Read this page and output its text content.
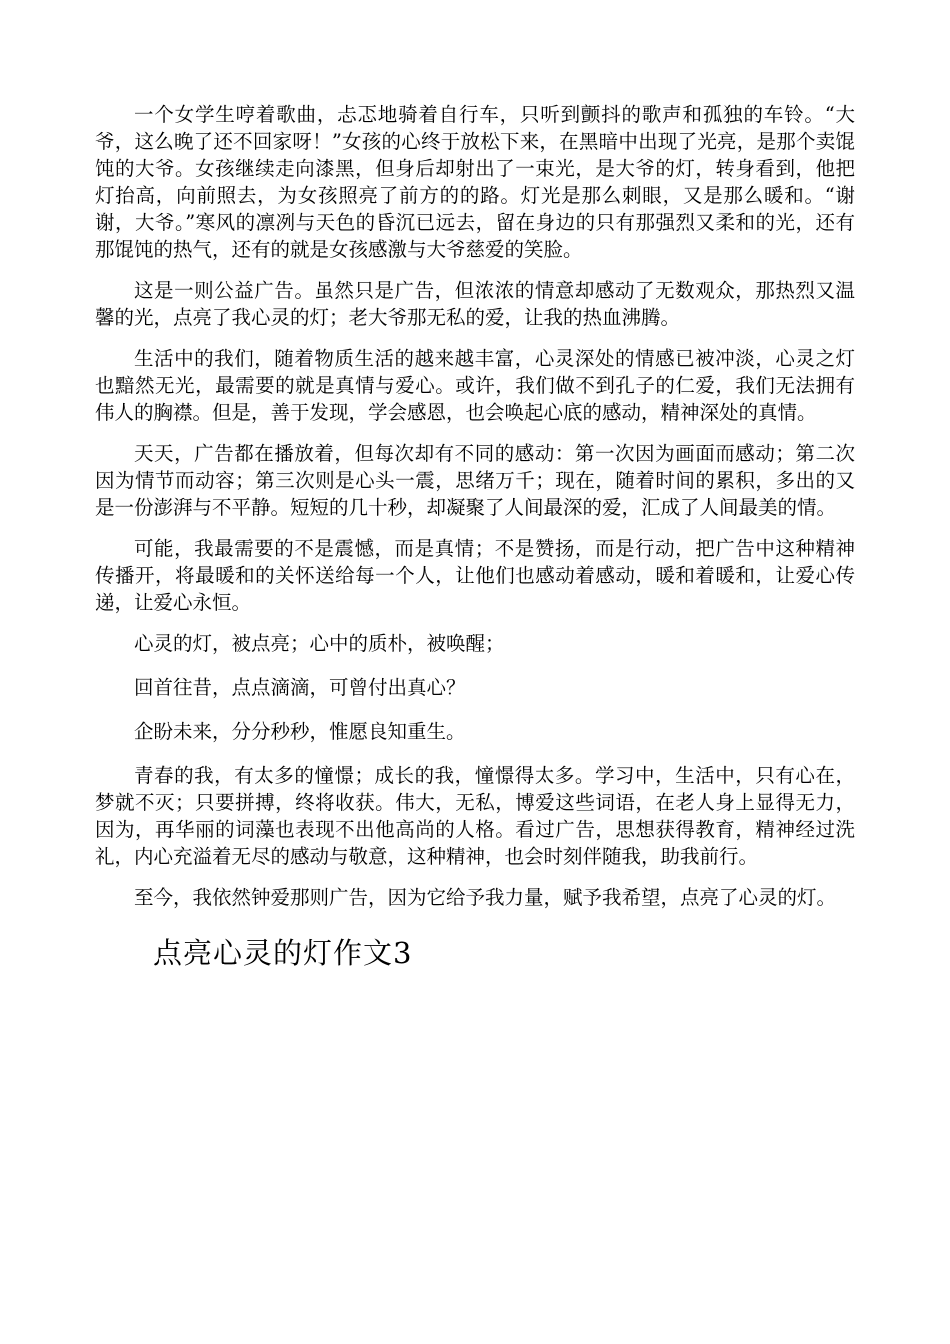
一个女学生哼着歌曲，忐忑地骑着自行车，只听到颤抖的歌声和孤独的车铃。“大爷，这么晚了还不回家呀！”女孩的心终于放松下来，在黑暗中出现了光亮，是那个卖馄饨的大爷。女孩继续走向漆黑，但身后却射出了一束光，是大爷的灯，转身看到，他把灯抬高，向前照去，为女孩照亮了前方的的路。灯光是那么刺眼，又是那么暖和。“谢谢，大爷。”寒风的凛冽与天色的昏沉已远去，留在身边的只有那强烈又柔和的光，还有那馄饨的热气，还有的就是女孩感激与大爷慈爱的笑脸。

这是一则公益广告。虽然只是广告，但浓浓的情意却感动了无数观众，那热烈又温馨的光，点亮了我心灵的灯；老大爷那无私的爱，让我的热血沸腾。

生活中的我们，随着物质生活的越来越丰富，心灵深处的情感已被冲淡，心灵之灯也黯然无光，最需要的就是真情与爱心。或许，我们做不到孔子的仁爱，我们无法拥有伟人的胸襟。但是，善于发现，学会感恩，也会唤起心底的感动，精神深处的真情。

天天，广告都在播放着，但每次却有不同的感动：第一次因为画面而感动；第二次因为情节而动容；第三次则是心头一震，思绪万千；现在，随着时间的累积，多出的又是一份澎湃与不平静。短短的几十秒，却凝聚了人间最深的爱，汇成了人间最美的情。

可能，我最需要的不是震憾，而是真情；不是赞扬，而是行动，把广告中这种精神传播开，将最暖和的关怀送给每一个人，让他们也感动着感动，暖和着暖和，让爱心传递，让爱心永恒。

心灵的灯，被点亮；心中的质朴，被唤醒；

回首往昔，点点滴滴，可曾付出真心？

企盼未来，分分秒秒，惟愿良知重生。

青春的我，有太多的憧憬；成长的我，憧憬得太多。学习中，生活中，只有心在，梦就不灭；只要拼搏，终将收获。伟大，无私，博爱这些词语，在老人身上显得无力，因为，再华丽的词藻也表现不出他高尚的人格。看过广告，思想获得教育，精神经过洗礼，内心充溢着无尽的感动与敬意，这种精神，也会时刻伴随我，助我前行。

至今，我依然钟爱那则广告，因为它给予我力量，赋予我希望，点亮了心灵的灯。

点亮心灵的灯作文3
